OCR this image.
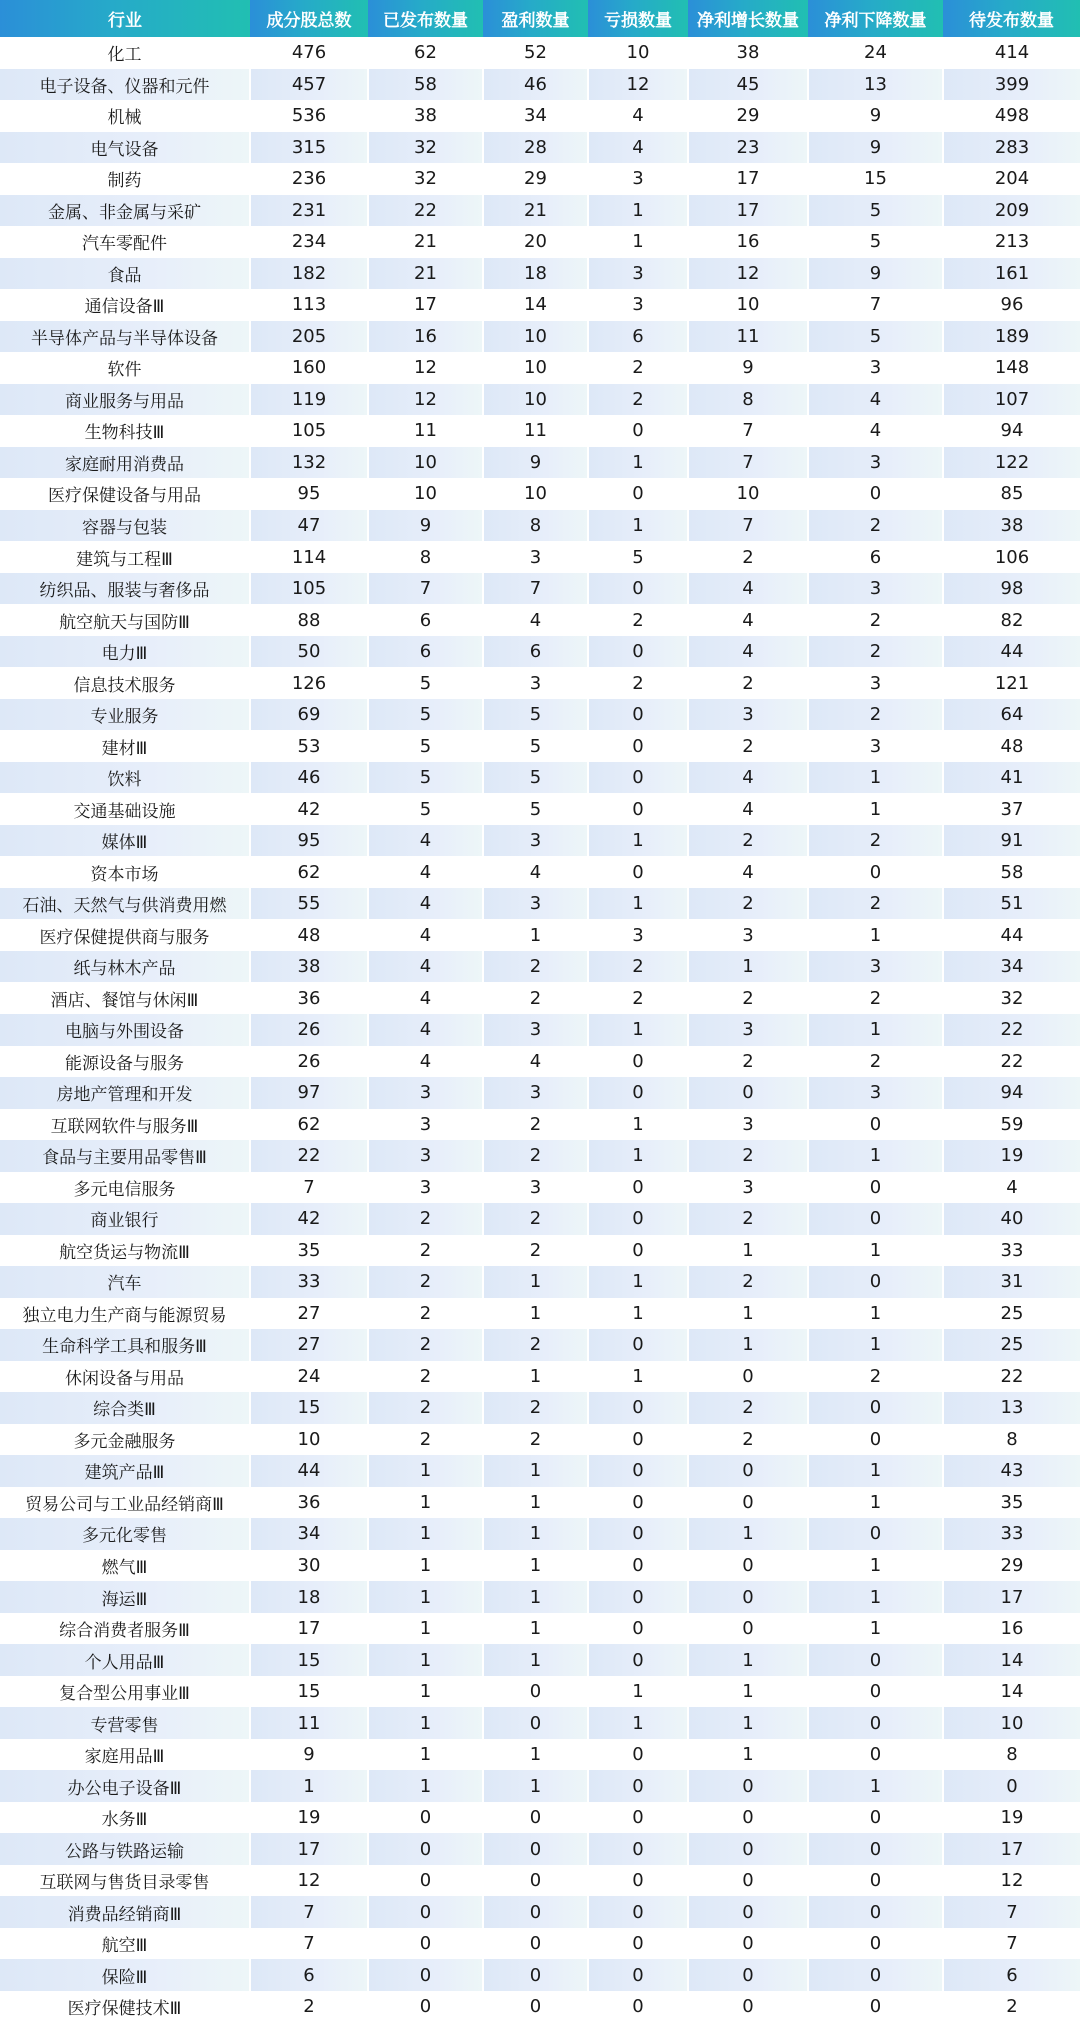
行业	成分股总数	已发布数量	盈利数量	亏损数量	净利增长数量	净利下降数量	待发布数量
化工	476	62	52	10	38	24	414
电子设备、仪器和元件	457	58	46	12	45	13	399
机械	536	38	34	4	29	9	498
电气设备	315	32	28	4	23	9	283
制药	236	32	29	3	17	15	204
金属、非金属与采矿	231	22	21	1	17	5	209
汽车零配件	234	21	20	1	16	5	213
食品	182	21	18	3	12	9	161
通信设备Ⅲ	113	17	14	3	10	7	96
半导体产品与半导体设备	205	16	10	6	11	5	189
软件	160	12	10	2	9	3	148
商业服务与用品	119	12	10	2	8	4	107
生物科技Ⅲ	105	11	11	0	7	4	94
家庭耐用消费品	132	10	9	1	7	3	122
医疗保健设备与用品	95	10	10	0	10	0	85
容器与包装	47	9	8	1	7	2	38
建筑与工程Ⅲ	114	8	3	5	2	6	106
纺织品、服装与奢侈品	105	7	7	0	4	3	98
航空航天与国防Ⅲ	88	6	4	2	4	2	82
电力Ⅲ	50	6	6	0	4	2	44
信息技术服务	126	5	3	2	2	3	121
专业服务	69	5	5	0	3	2	64
建材Ⅲ	53	5	5	0	2	3	48
饮料	46	5	5	0	4	1	41
交通基础设施	42	5	5	0	4	1	37
媒体Ⅲ	95	4	3	1	2	2	91
资本市场	62	4	4	0	4	0	58
石油、天然气与供消费用燃	55	4	3	1	2	2	51
医疗保健提供商与服务	48	4	1	3	3	1	44
纸与林木产品	38	4	2	2	1	3	34
酒店、餐馆与休闲Ⅲ	36	4	2	2	2	2	32
电脑与外围设备	26	4	3	1	3	1	22
能源设备与服务	26	4	4	0	2	2	22
房地产管理和开发	97	3	3	0	0	3	94
互联网软件与服务Ⅲ	62	3	2	1	3	0	59
食品与主要用品零售Ⅲ	22	3	2	1	2	1	19
多元电信服务	7	3	3	0	3	0	4
商业银行	42	2	2	0	2	0	40
航空货运与物流Ⅲ	35	2	2	0	1	1	33
汽车	33	2	1	1	2	0	31
独立电力生产商与能源贸易	27	2	1	1	1	1	25
生命科学工具和服务Ⅲ	27	2	2	0	1	1	25
休闲设备与用品	24	2	1	1	0	2	22
综合类Ⅲ	15	2	2	0	2	0	13
多元金融服务	10	2	2	0	2	0	8
建筑产品Ⅲ	44	1	1	0	0	1	43
贸易公司与工业品经销商Ⅲ	36	1	1	0	0	1	35
多元化零售	34	1	1	0	1	0	33
燃气Ⅲ	30	1	1	0	0	1	29
海运Ⅲ	18	1	1	0	0	1	17
综合消费者服务Ⅲ	17	1	1	0	0	1	16
个人用品Ⅲ	15	1	1	0	1	0	14
复合型公用事业Ⅲ	15	1	0	1	1	0	14
专营零售	11	1	0	1	1	0	10
家庭用品Ⅲ	9	1	1	0	1	0	8
办公电子设备Ⅲ	1	1	1	0	0	1	0
水务Ⅲ	19	0	0	0	0	0	19
公路与铁路运输	17	0	0	0	0	0	17
互联网与售货目录零售	12	0	0	0	0	0	12
消费品经销商Ⅲ	7	0	0	0	0	0	7
航空Ⅲ	7	0	0	0	0	0	7
保险Ⅲ	6	0	0	0	0	0	6
医疗保健技术Ⅲ	2	0	0	0	0	0	2
